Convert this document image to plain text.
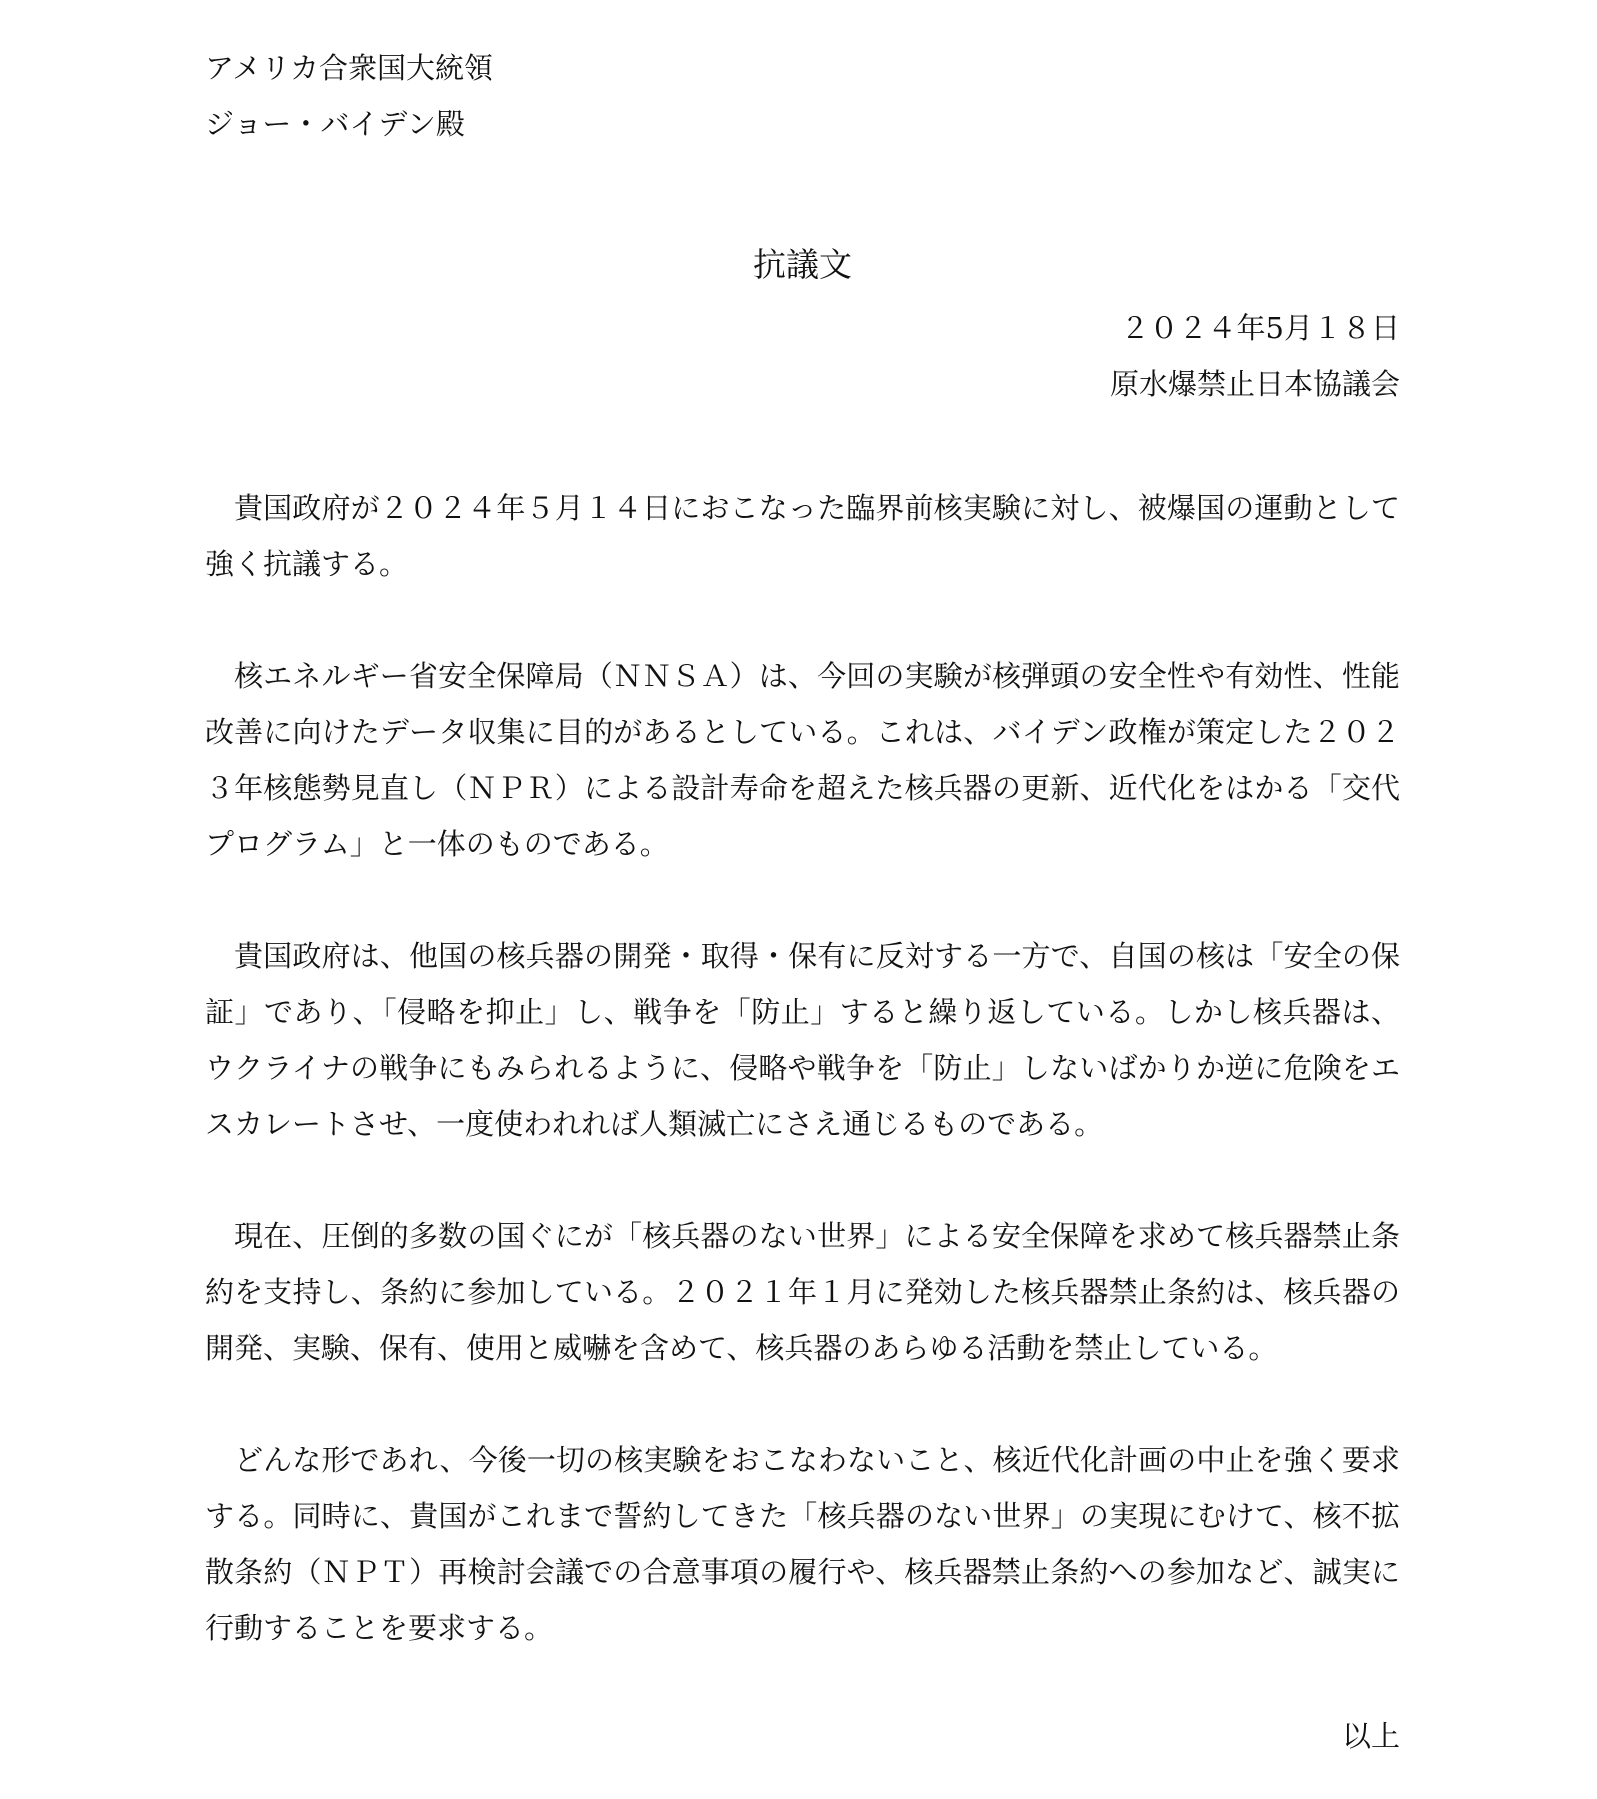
アメリカ合衆国大統領
ジョー・バイデン殿
抗議文
２０２４年5月１８日
原水爆禁止日本協議会

貴国政府が２０２４年５月１４日におこなった臨界前核実験に対し、被爆国の運動として強く抗議する。

核エネルギー省安全保障局（ＮＮＳＡ）は、今回の実験が核弾頭の安全性や有効性、性能改善に向けたデータ収集に目的があるとしている。これは、バイデン政権が策定した２０２３年核態勢見直し（ＮＰＲ）による設計寿命を超えた核兵器の更新、近代化をはかる「交代プログラム」と一体のものである。

貴国政府は、他国の核兵器の開発・取得・保有に反対する一方で、自国の核は「安全の保証」であり、「侵略を抑止」し、戦争を「防止」すると繰り返している。しかし核兵器は、ウクライナの戦争にもみられるように、侵略や戦争を「防止」しないばかりか逆に危険をエスカレートさせ、一度使われれば人類滅亡にさえ通じるものである。

現在、圧倒的多数の国ぐにが「核兵器のない世界」による安全保障を求めて核兵器禁止条約を支持し、条約に参加している。２０２１年１月に発効した核兵器禁止条約は、核兵器の開発、実験、保有、使用と威嚇を含めて、核兵器のあらゆる活動を禁止している。

どんな形であれ、今後一切の核実験をおこなわないこと、核近代化計画の中止を強く要求する。同時に、貴国がこれまで誓約してきた「核兵器のない世界」の実現にむけて、核不拡散条約（ＮＰＴ）再検討会議での合意事項の履行や、核兵器禁止条約への参加など、誠実に行動することを要求する。

以上
